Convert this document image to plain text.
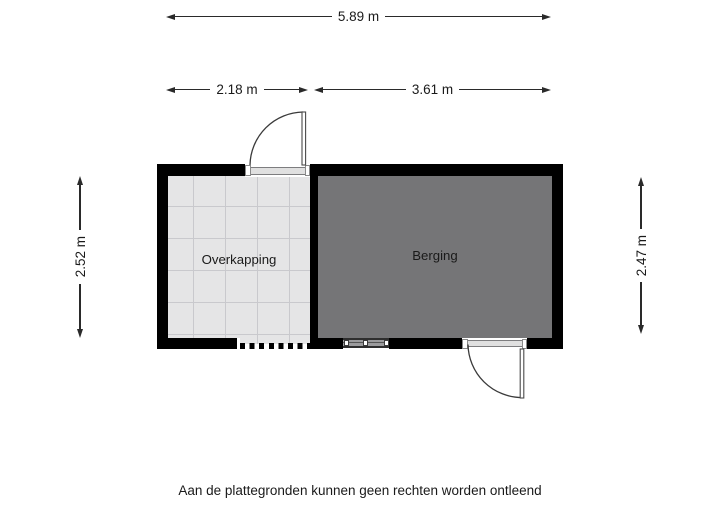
5.89 m
2.18 m	3.61 m
2.52 m	2.47 m
Overkapping	Berging
Aan de plattegronden kunnen geen rechten worden ontleend
